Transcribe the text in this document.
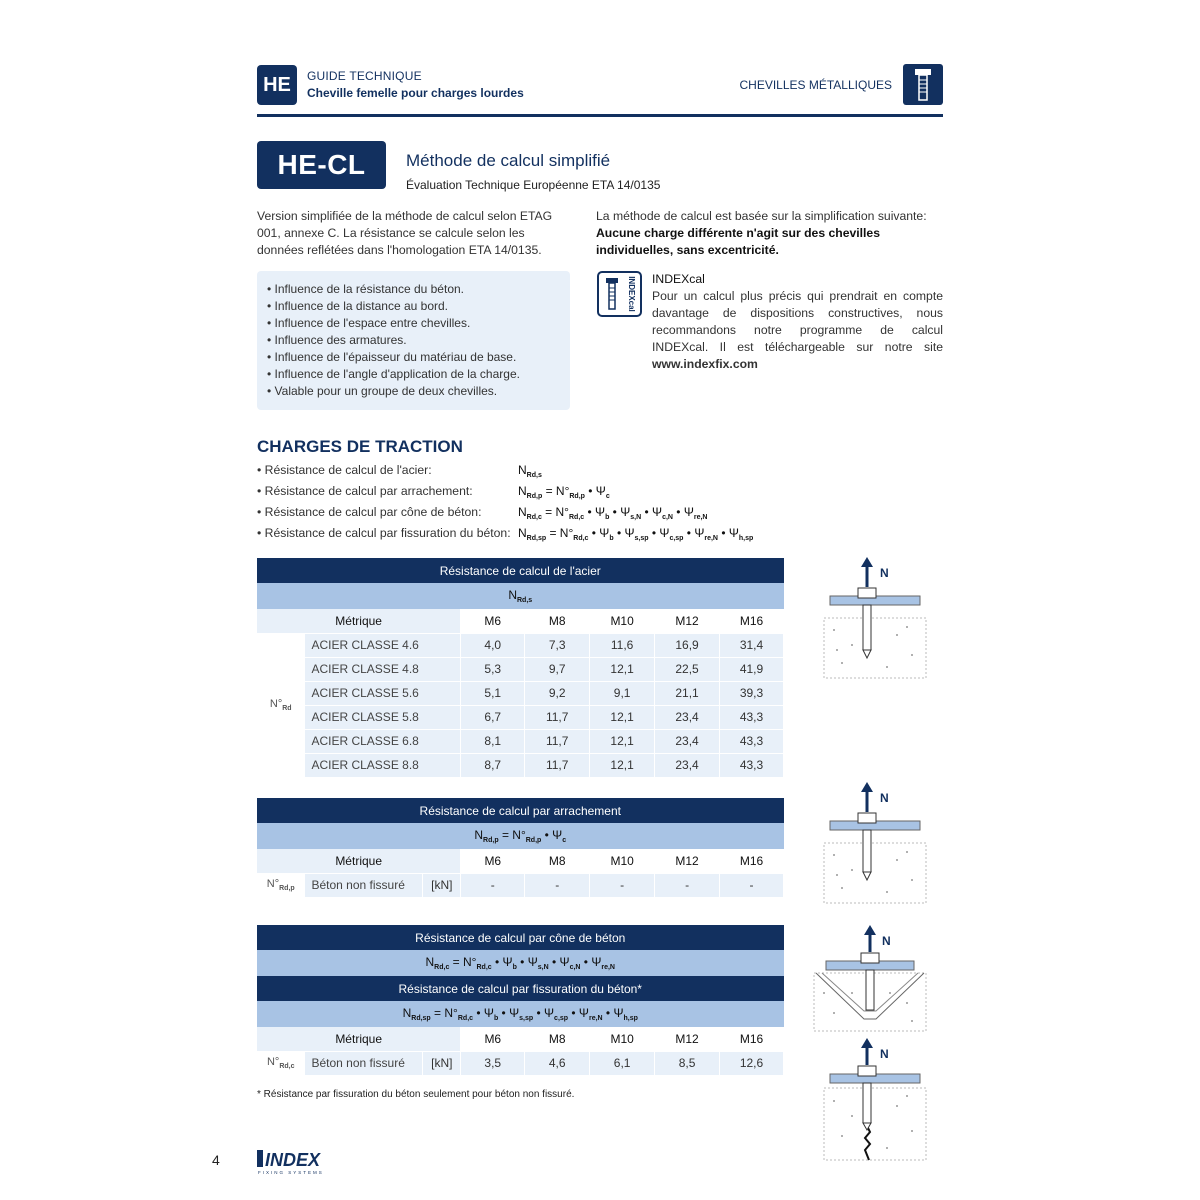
HE	GUIDE TECHNIQUE
Cheville femelle pour charges lourdes
CHEVILLES MÉTALLIQUES
HE-CL	Méthode de calcul simplifié
Évaluation Technique Européenne ETA 14/0135
Version simplifiée de la méthode de calcul selon ETAG 001, annexe C. La résistance se calcule selon les données reflétées dans l'homologation ETA 14/0135.
La méthode de calcul est basée sur la simplification suivante:
Aucune charge différente n'agit sur des chevilles individuelles, sans excentricité.
• Influence de la résistance du béton.
• Influence de la distance au bord.
• Influence de l'espace entre chevilles.
• Influence des armatures.
• Influence de l'épaisseur du matériau de base.
• Influence de l'angle d'application de la charge.
• Valable pour un groupe de deux chevilles.
INDEXcal INDEXcal
Pour un calcul plus précis qui prendrait en compte davantage de dispositions constructives, nous recommandons notre programme de calcul INDEXcal. Il est téléchargeable sur notre site www.indexfix.com
CHARGES DE TRACTION
• Résistance de calcul de l'acier:
• Résistance de calcul par arrachement:
• Résistance de calcul par cône de béton:
• Résistance de calcul par fissuration du béton:
$N_{Rd,s}$
$N_{Rd,p} = N^\circ_{Rd,p}$ • $\Psi_c$
$N_{Rd,c} = N^\circ_{Rd,c}$ • $\Psi_b$ • $\Psi_{s,N}$ • $\Psi_{c,N}$ • $\Psi_{re,N}$
$N_{Rd,sp} = N^\circ_{Rd,c}$ • $\Psi_b$ • $\Psi_{s,sp}$ • $\Psi_{c,sp}$ • $\Psi_{re,N}$ • $\Psi_{h,sp}$
Résistance de calcul de l'acier						
$N_{Rd,s}$
Métrique		M6	M8	M10	M12	M16
$N^\circ_{Rd}$	ACIER CLASSE 4.6	4,0	7,3	11,6	16,9	31,4
	ACIER CLASSE 4.8	5,3	9,7	12,1	22,5	41,9
	ACIER CLASSE 5.6	5,1	9,2	9,1	21,1	39,3
	ACIER CLASSE 5.8	6,7	11,7	12,1	23,4	43,3
	ACIER CLASSE 6.8	8,1	11,7	12,1	23,4	43,3
	ACIER CLASSE 8.8	8,7	11,7	12,1	23,4	43,3
Résistance de calcul par arrachement							
$N_{Rd,p} = N^\circ_{Rd,p}$ • $\Psi_c$
Métrique			M6	M8	M10	M12	M16
$N^\circ_{Rd,p}$	Béton non fissuré	[kN]	-	-	-	-	-
Résistance de calcul par cône de béton							
$N_{Rd,c} = N^\circ_{Rd,c}$ • $\Psi_b$ • $\Psi_{s,N}$ • $\Psi_{c,N}$ • $\Psi_{re,N}$
Résistance de calcul par fissuration du béton*							
$N_{Rd,sp} = N^\circ_{Rd,c}$ • $\Psi_b$ • $\Psi_{s,sp}$ • $\Psi_{c,sp}$ • $\Psi_{re,N}$ • $\Psi_{h,sp}$
Métrique			M6	M8	M10	M12	M16
$N^\circ_{Rd,c}$	Béton non fissuré	[kN]	3,5	4,6	6,1	8,5	12,6
* Résistance par fissuration du béton seulement pour béton non fissuré.
N
N
N
N
4	INDEX
FIXING SYSTEMS
